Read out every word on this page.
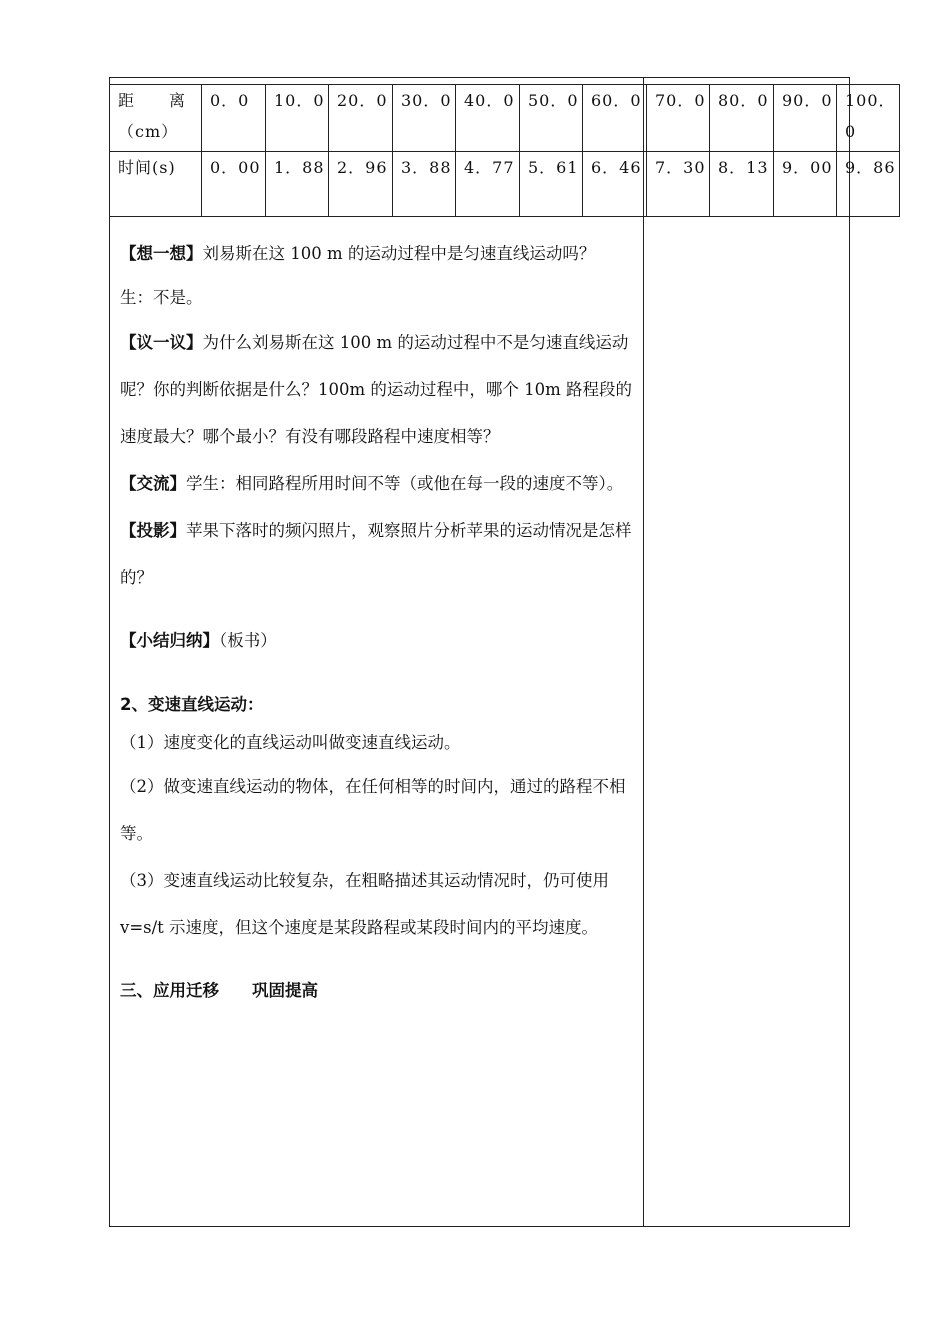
距　　离
（cm）	0．0	10．0	20．0	30．0	40．0	50．0	60．0	70．0	80．0	90．0	100．0
时间(s)	0．00	1．88	2．96	3．88	4．77	5．61	6．46	7．30	8．13	9．00	9．86

【想一想】刘易斯在这 100 m 的运动过程中是匀速直线运动吗？

生：不是。

【议一议】为什么刘易斯在这 100 m 的运动过程中不是匀速直线运动呢？你的判断依据是什么？100m 的运动过程中，哪个 10m 路程段的速度最大？哪个最小？有没有哪段路程中速度相等？

【交流】学生：相同路程所用时间不等（或他在每一段的速度不等）。

【投影】苹果下落时的频闪照片，观察照片分析苹果的运动情况是怎样的？

【小结归纳】（板书）

2、变速直线运动：

（1）速度变化的直线运动叫做变速直线运动。

（2）做变速直线运动的物体，在任何相等的时间内，通过的路程不相等。

（3）变速直线运动比较复杂，在粗略描述其运动情况时，仍可使用 v=s/t 示速度，但这个速度是某段路程或某段时间内的平均速度。

三、应用迁移　　巩固提高
